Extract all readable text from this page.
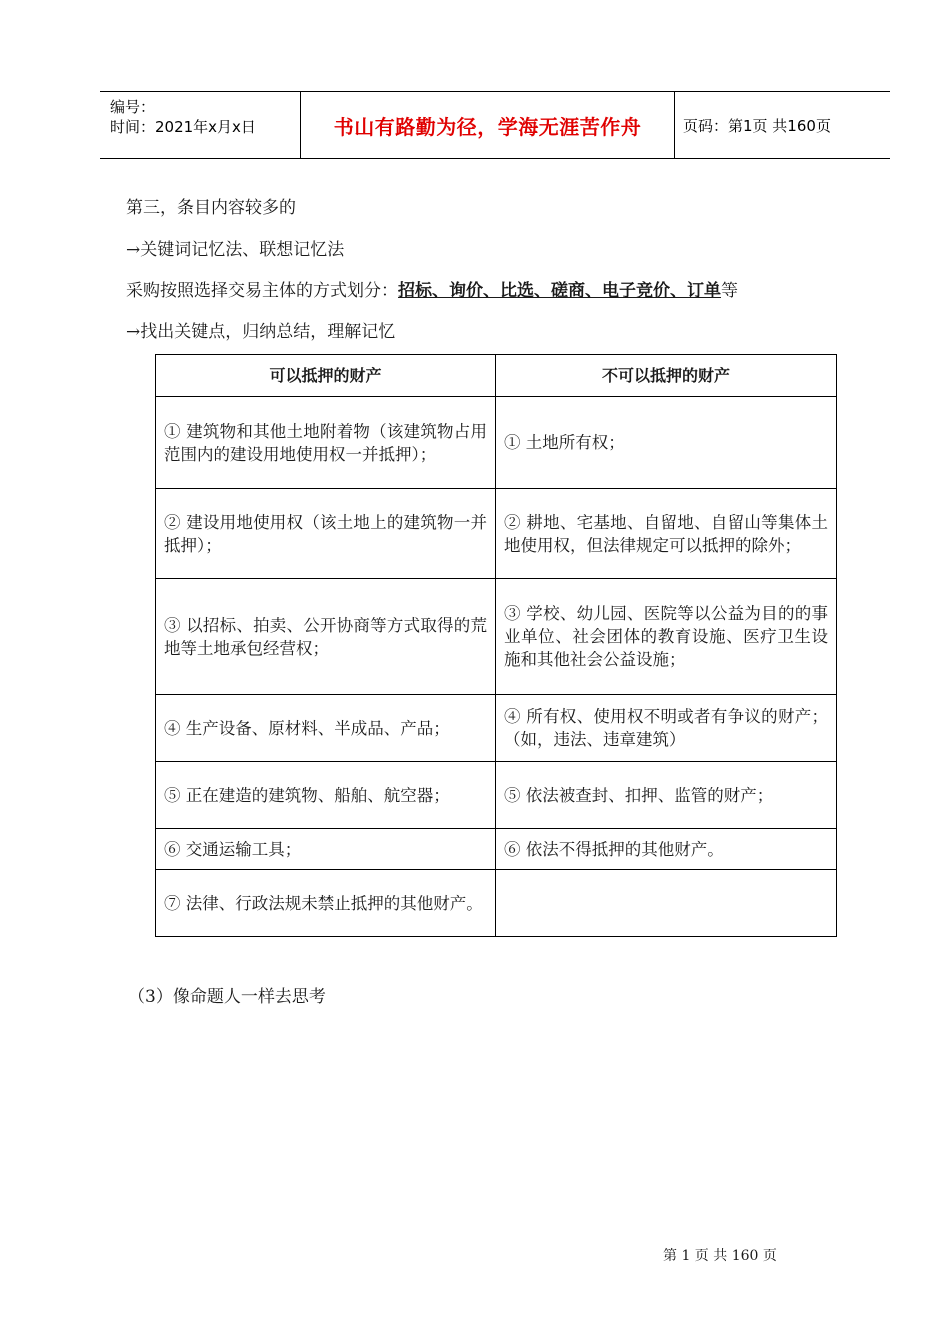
编号：
时间：2021年x月x日	书山有路勤为径，学海无涯苦作舟	页码：第1页 共160页
第三，条目内容较多的
→关键词记忆法、联想记忆法
采购按照选择交易主体的方式划分：招标、询价、比选、磋商、电子竞价、订单等
→找出关键点，归纳总结，理解记忆
可以抵押的财产	不可以抵押的财产
① 建筑物和其他土地附着物（该建筑物占用范围内的建设用地使用权一并抵押）；	① 土地所有权；
② 建设用地使用权（该土地上的建筑物一并抵押）；	② 耕地、宅基地、自留地、自留山等集体土地使用权，但法律规定可以抵押的除外；
③ 以招标、拍卖、公开协商等方式取得的荒地等土地承包经营权；	③ 学校、幼儿园、医院等以公益为目的的事业单位、社会团体的教育设施、医疗卫生设施和其他社会公益设施；
④ 生产设备、原材料、半成品、产品；	④ 所有权、使用权不明或者有争议的财产；（如，违法、违章建筑）
⑤ 正在建造的建筑物、船舶、航空器；	⑤ 依法被查封、扣押、监管的财产；
⑥ 交通运输工具；	⑥ 依法不得抵押的其他财产。
⑦ 法律、行政法规未禁止抵押的其他财产。	
（3）像命题人一样去思考
第 1 页 共 160 页
